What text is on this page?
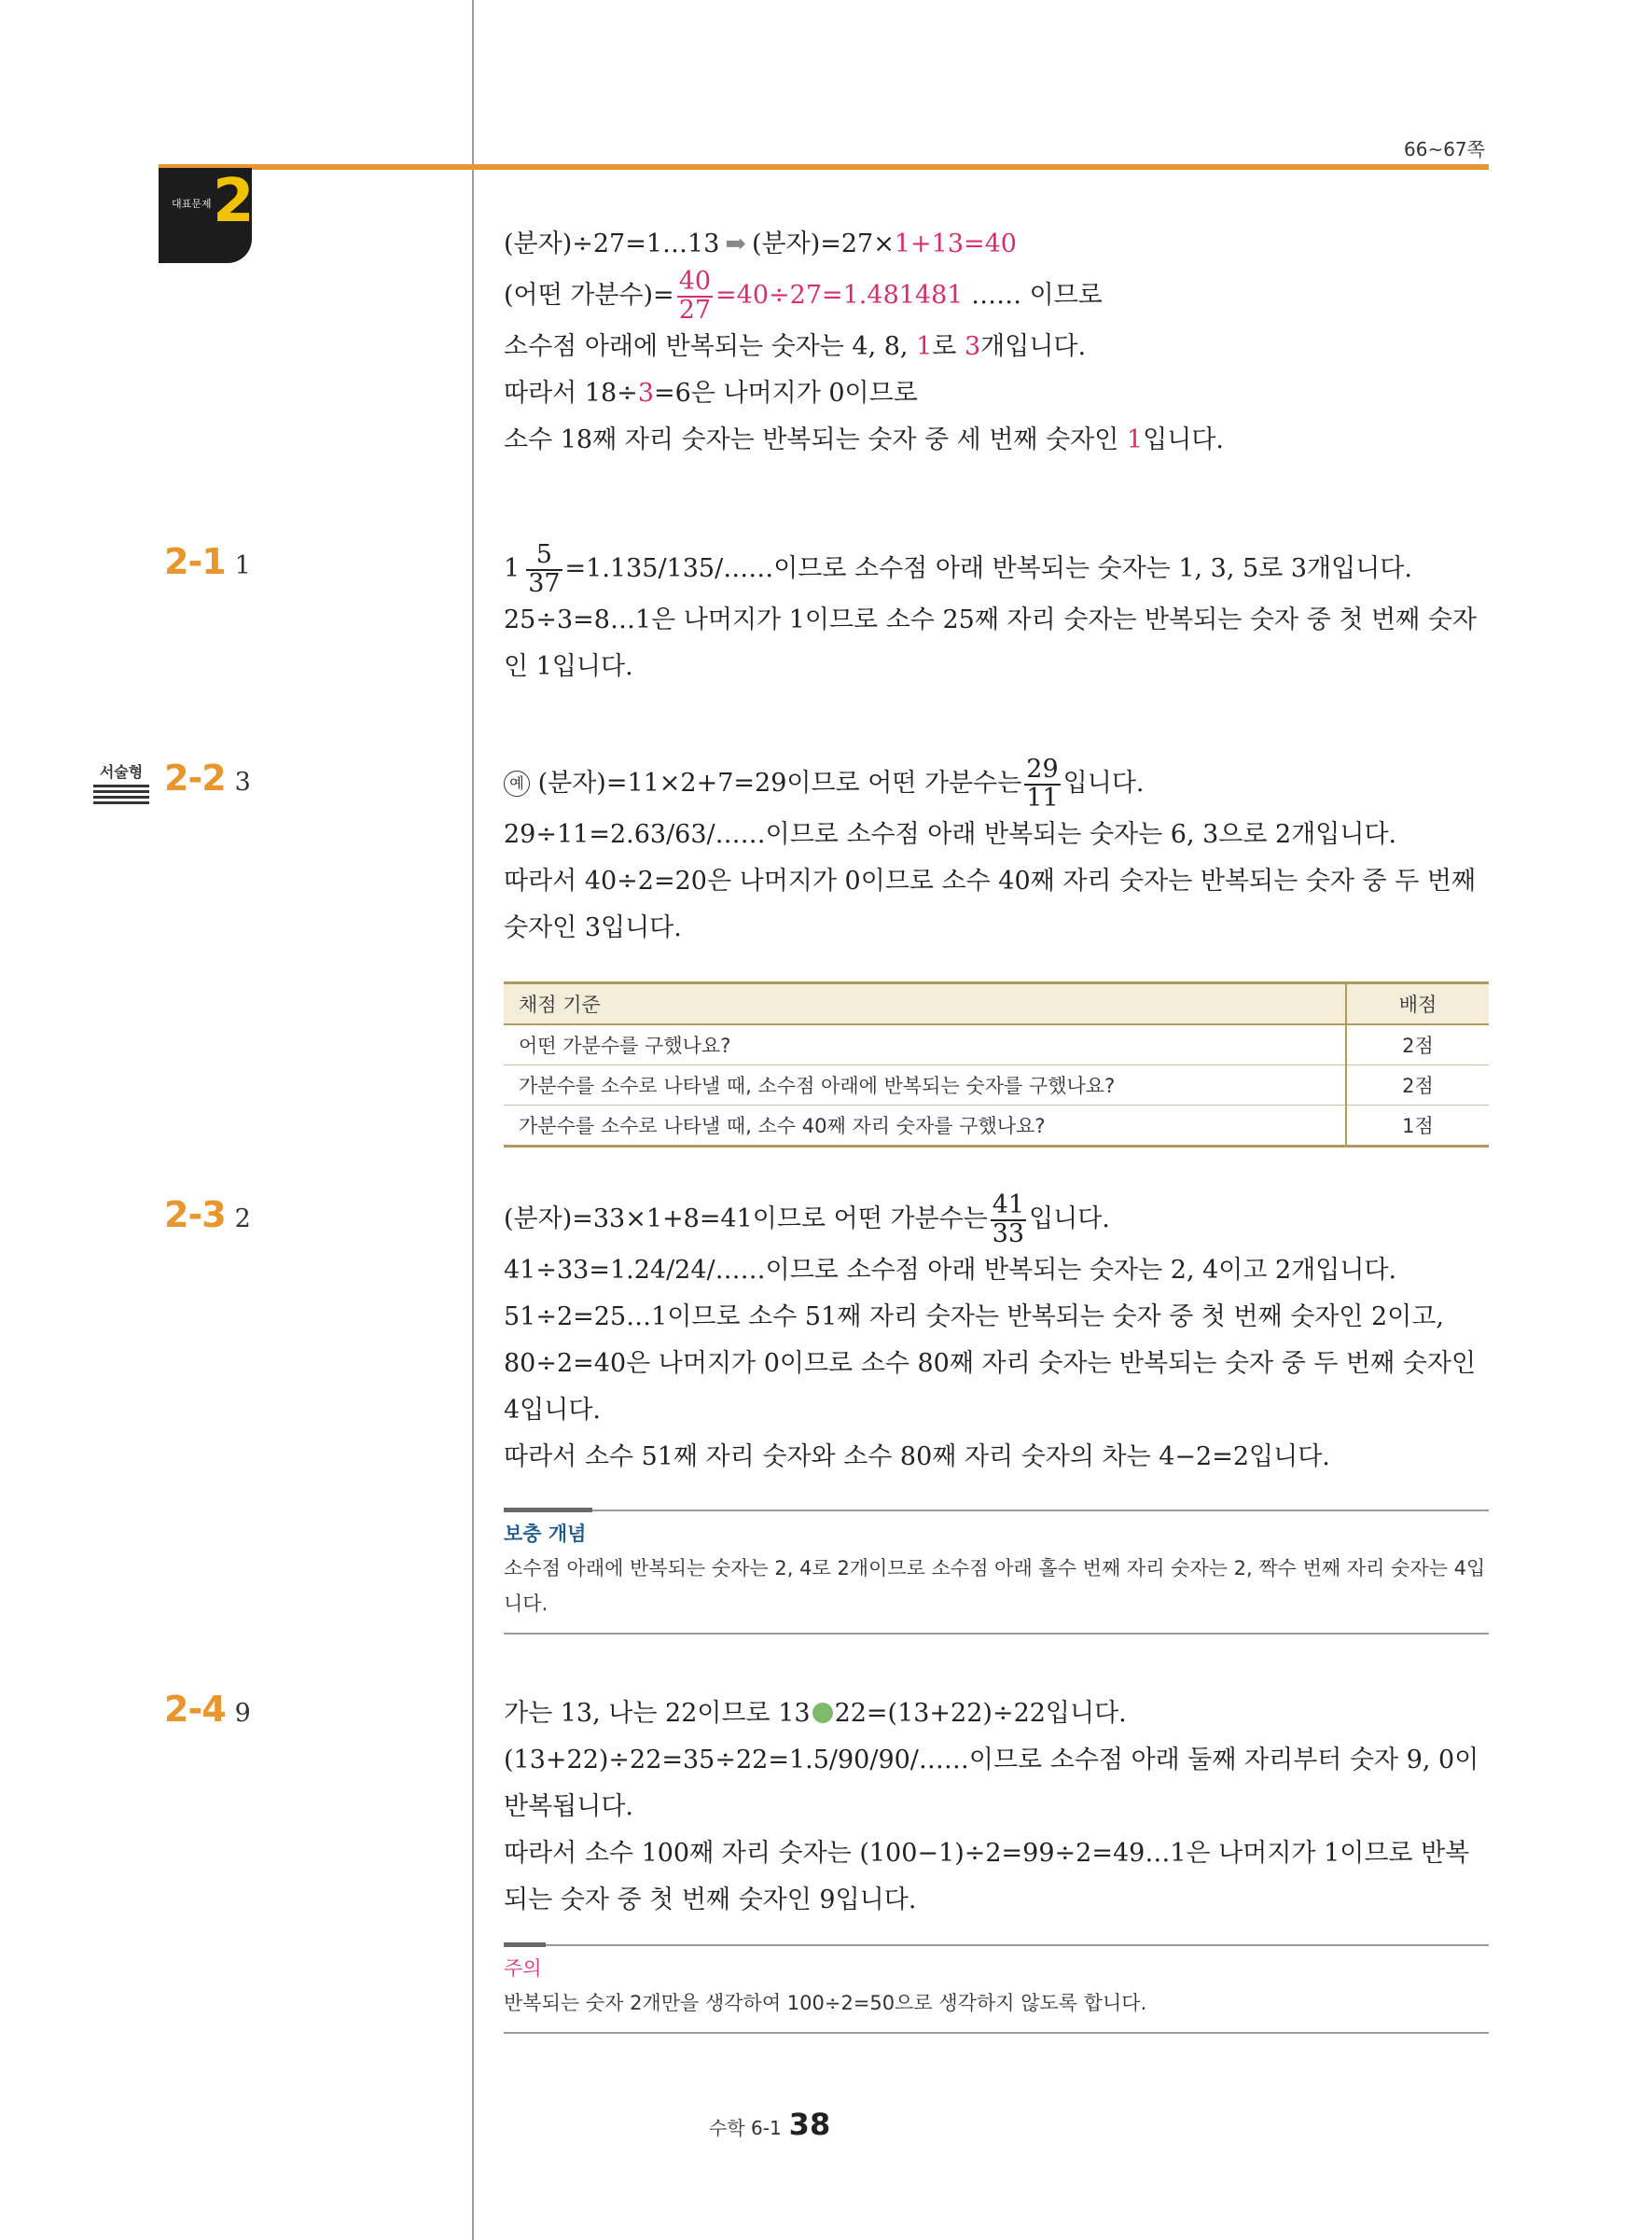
66~67쪽
대표문제 2
(분자)÷27=1…13 ➡ (분자)=27×1+13=40
(어떤 가분수)= $\frac{40}{27} =40\div 27=1.481481$ …… 이므로
소수점 아래에 반복되는 숫자는 4, 8, 1로 3개입니다.
따라서 18÷3=6은 나머지가 0이므로
소수 18째 자리 숫자는 반복되는 숫자 중 세 번째 숫자인 1입니다.
2-1 1	$1 \frac{5}{37}$ =1.135/135/……이므로 소수점 아래 반복되는 숫자는 1, 3, 5로 3개입니다.
25÷3=8…1은 나머지가 1이므로 소수 25째 자리 숫자는 반복되는 숫자 중 첫 번째 숫자인 1입니다.
서술형 2-2 3	예 (분자)=11×2+7=29이므로 어떤 가분수는 $\frac{29}{11}$ 입니다.
29÷11=2.63/63/……이므로 소수점 아래 반복되는 숫자는 6, 3으로 2개입니다.
따라서 40÷2=20은 나머지가 0이므로 소수 40째 자리 숫자는 반복되는 숫자 중 두 번째 숫자인 3입니다.
채점 기준	배점
어떤 가분수를 구했나요?	2점
가분수를 소수로 나타낼 때, 소수점 아래에 반복되는 숫자를 구했나요?	2점
가분수를 소수로 나타낼 때, 소수 40째 자리 숫자를 구했나요?	1점
2-3 2	(분자)=33×1+8=41이므로 어떤 가분수는 $\frac{41}{33}$ 입니다.
41÷33=1.24/24/……이므로 소수점 아래 반복되는 숫자는 2, 4이고 2개입니다.
51÷2=25…1이므로 소수 51째 자리 숫자는 반복되는 숫자 중 첫 번째 숫자인 2이고,
80÷2=40은 나머지가 0이므로 소수 80째 자리 숫자는 반복되는 숫자 중 두 번째 숫자인 4입니다.
따라서 소수 51째 자리 숫자와 소수 80째 자리 숫자의 차는 4−2=2입니다.
보충 개념
소수점 아래에 반복되는 숫자는 2, 4로 2개이므로 소수점 아래 홀수 번째 자리 숫자는 2, 짝수 번째 자리 숫자는 4입니다.
2-4 9	가는 13, 나는 22이므로 13 22=(13+22)÷22입니다.
(13+22)÷22=35÷22=1.5/90/90/……이므로 소수점 아래 둘째 자리부터 숫자 9, 0이 반복됩니다.
따라서 소수 100째 자리 숫자는 (100−1)÷2=99÷2=49…1은 나머지가 1이므로 반복되는 숫자 중 첫 번째 숫자인 9입니다.
주의
반복되는 숫자 2개만을 생각하여 100÷2=50으로 생각하지 않도록 합니다.
수학 6-1 38
